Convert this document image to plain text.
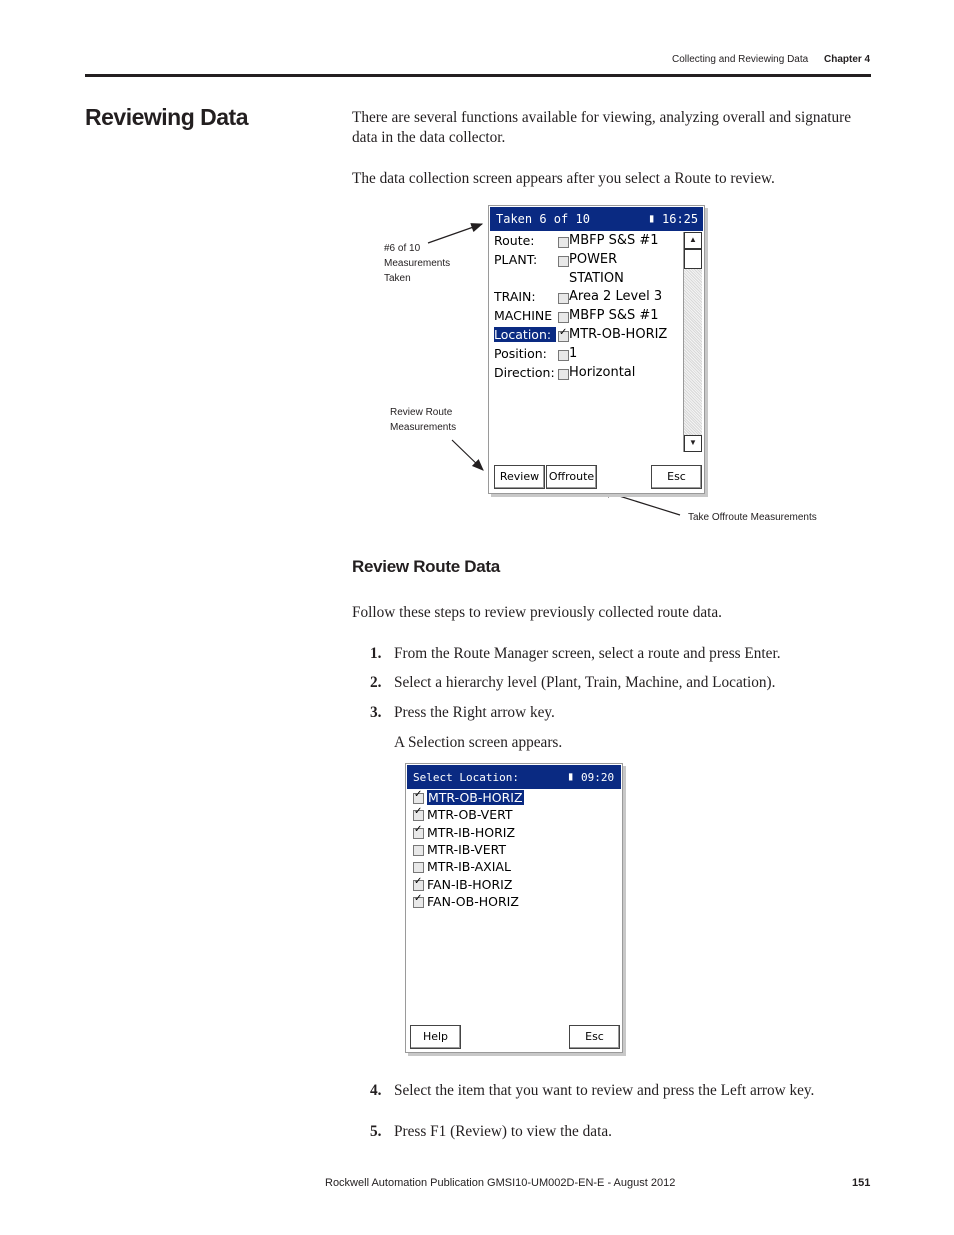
Collecting and Reviewing Data Chapter 4
Reviewing Data	There are several functions available for viewing, analyzing overall and signature data in the data collector.
The data collection screen appears after you select a Route to review.
#6 of 10
Measurements
Taken
Review Route
Measurements
Take Offroute Measurements
Taken 6 of 10	▮ 16:25
Route:	MBFP S&S #1
PLANT:	POWER
STATION
TRAIN:	Area 2 Level 3
MACHINE MBFP S&S #1
Location:
✓	MTR-OB-HORIZ
Position:	1
Direction: Horizontal
▲
▼
Review Offroute	Esc
Review Route Data
Follow these steps to review previously collected route data.
1. From the Route Manager screen, select a route and press Enter.
2. Select a hierarchy level (Plant, Train, Machine, and Location).
3. Press the Right arrow key.
A Selection screen appears.
Select Location:	▮ 09:20
✓
MTR-OB-HORIZ
✓
MTR-OB-VERT
✓
MTR-IB-HORIZ
MTR-IB-VERT
MTR-IB-AXIAL
✓
FAN-IB-HORIZ
✓
FAN-OB-HORIZ
Help	Esc
4. Select the item that you want to review and press the Left arrow key.
5. Press F1 (Review) to view the data.
Rockwell Automation Publication GMSI10-UM002D-EN-E - August 2012	151
